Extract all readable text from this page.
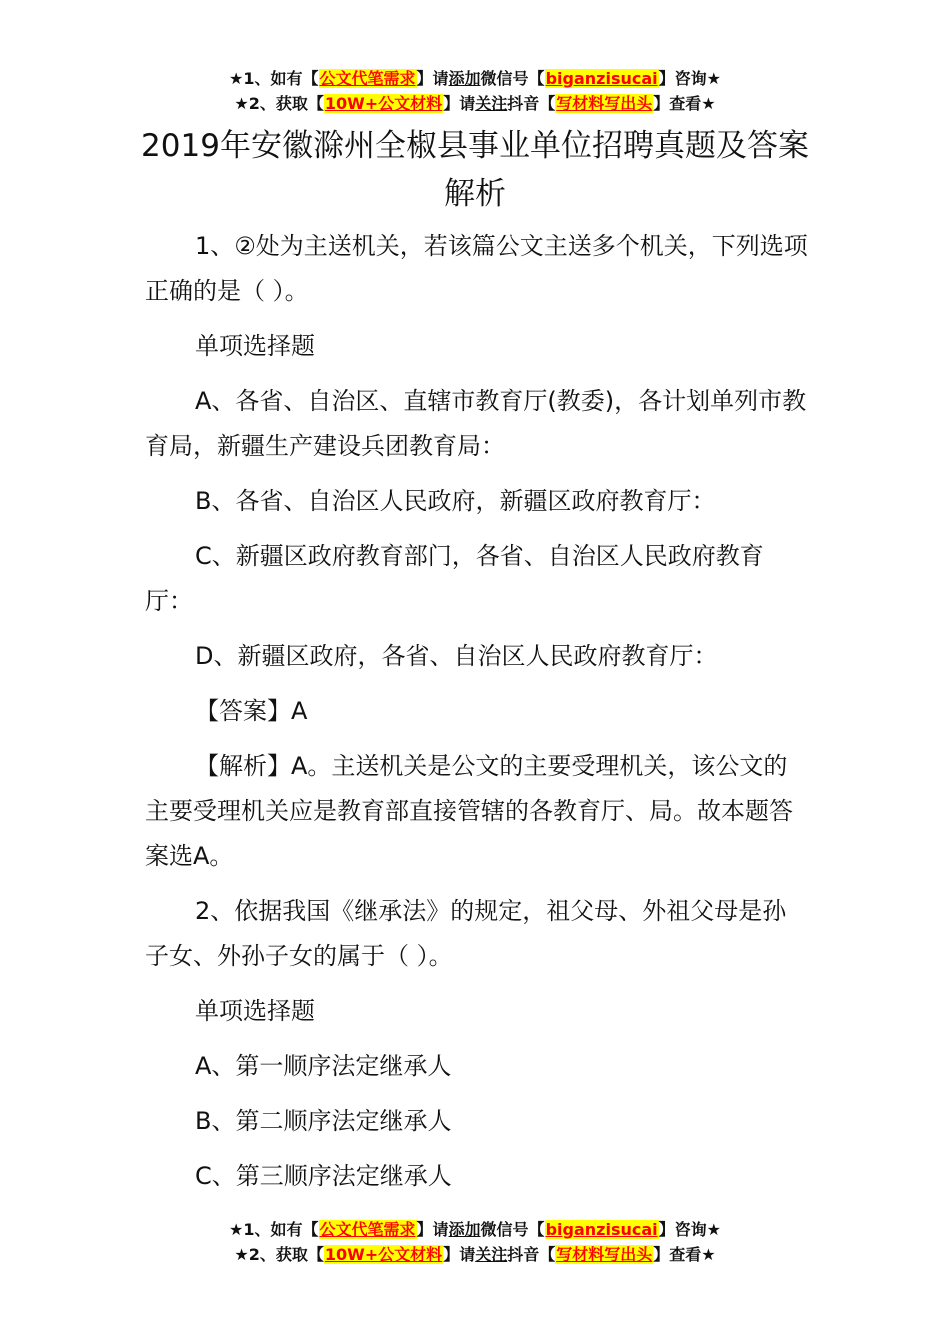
★1、如有【公文代笔需求】请添加微信号【biganzisucai】咨询★
★2、获取【10W+公文材料】请关注抖音【写材料写出头】查看★
2019年安徽滁州全椒县事业单位招聘真题及答案解析

1、②处为主送机关，若该篇公文主送多个机关，下列选项正确的是（ ）。

单项选择题

A、各省、自治区、直辖市教育厅(教委)，各计划单列市教育局，新疆生产建设兵团教育局：

B、各省、自治区人民政府，新疆区政府教育厅：

C、新疆区政府教育部门，各省、自治区人民政府教育厅：

D、新疆区政府，各省、自治区人民政府教育厅：

【答案】A

【解析】A。主送机关是公文的主要受理机关，该公文的主要受理机关应是教育部直接管辖的各教育厅、局。故本题答案选A。

2、依据我国《继承法》的规定，祖父母、外祖父母是孙子女、外孙子女的属于（ ）。

单项选择题

A、第一顺序法定继承人

B、第二顺序法定继承人

C、第三顺序法定继承人

★1、如有【公文代笔需求】请添加微信号【biganzisucai】咨询★
★2、获取【10W+公文材料】请关注抖音【写材料写出头】查看★
